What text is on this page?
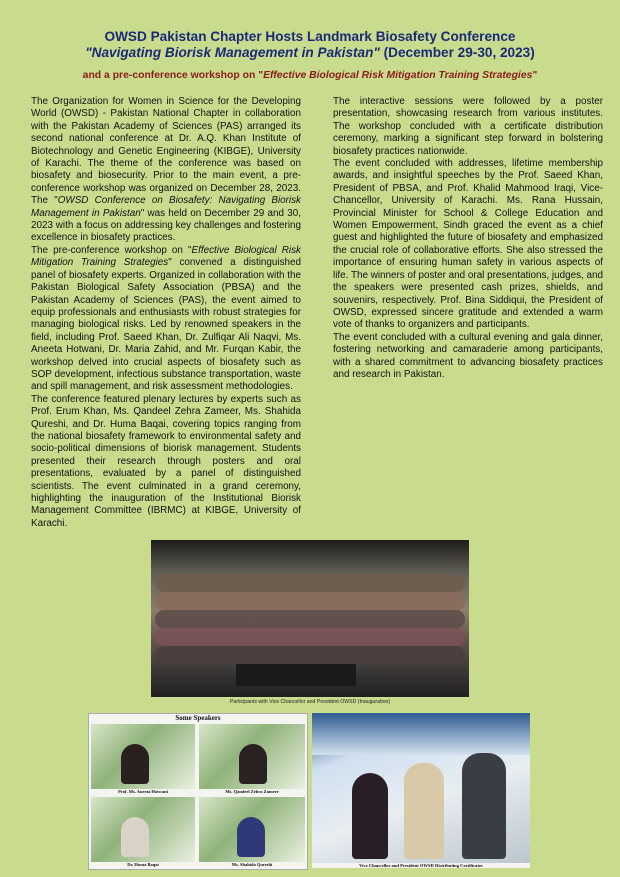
OWSD Pakistan Chapter Hosts Landmark Biosafety Conference
"Navigating Biorisk Management in Pakistan" (December 29-30, 2023)
and a pre-conference workshop on "Effective Biological Risk Mitigation Training Strategies"

The Organization for Women in Science for the Developing World (OWSD) - Pakistan National Chapter in collaboration with the Pakistan Academy of Sciences (PAS) arranged its second national conference at Dr. A.Q. Khan Institute of Biotechnology and Genetic Engineering (KIBGE), University of Karachi. The theme of the conference was based on biosafety and biosecurity. Prior to the main event, a pre-conference workshop was organized on December 28, 2023. The "OWSD Conference on Biosafety: Navigating Biorisk Management in Pakistan" was held on December 29 and 30, 2023 with a focus on addressing key challenges and fostering excellence in biosafety practices.

The pre-conference workshop on "Effective Biological Risk Mitigation Training Strategies" convened a distinguished panel of biosafety experts. Organized in collaboration with the Pakistan Biological Safety Association (PBSA) and the Pakistan Academy of Sciences (PAS), the event aimed to equip professionals and enthusiasts with robust strategies for managing biological risks. Led by renowned speakers in the field, including Prof. Saeed Khan, Dr. Zulfiqar Ali Naqvi, Ms. Aneeta Hotwani, Dr. Maria Zahid, and Mr. Furqan Kabir, the workshop delved into crucial aspects of biosafety such as SOP development, infectious substance transportation, waste and spill management, and risk assessment methodologies.

The conference featured plenary lectures by experts such as Prof. Erum Khan, Ms. Qandeel Zehra Zameer, Ms. Shahida Qureshi, and Dr. Huma Baqai, covering topics ranging from the national biosafety framework to environmental safety and socio-political dimensions of biorisk management. Students presented their research through posters and oral presentations, evaluated by a panel of distinguished scientists. The event culminated in a grand ceremony, highlighting the inauguration of the Institutional Biorisk Management Committee (IBRMC) at KIBGE, University of Karachi.

The interactive sessions were followed by a poster presentation, showcasing research from various institutes. The workshop concluded with a certificate distribution ceremony, marking a significant step forward in bolstering biosafety practices nationwide.

The event concluded with addresses, lifetime membership awards, and insightful speeches by the Prof. Saeed Khan, President of PBSA, and Prof. Khalid Mahmood Iraqi, Vice-Chancellor, University of Karachi. Ms. Rana Hussain, Provincial Minister for School & College Education and Women Empowerment, Sindh graced the event as a chief guest and highlighted the future of biosafety and emphasized the crucial role of collaborative efforts. She also stressed the importance of ensuring human safety in various aspects of life. The winners of poster and oral presentations, judges, and the speakers were presented cash prizes, shields, and souvenirs, respectively. Prof. Bina Siddiqui, the President of OWSD, expressed sincere gratitude and extended a warm vote of thanks to organizers and participants.

The event concluded with a cultural evening and gala dinner, fostering networking and camaraderie among participants, with a shared commitment to advancing biosafety practices and research in Pakistan.

Participants with Vice Chancellor and President OWSD (Inauguration)
Some Speakers
Prof. Ms. Aneeta Hotwani	Ms. Qandeel Zehra Zameer
Dr. Huma Baqai	Ms. Shahida Qureshi	Vice Chancellor and President OWSD Distributing Certificates
